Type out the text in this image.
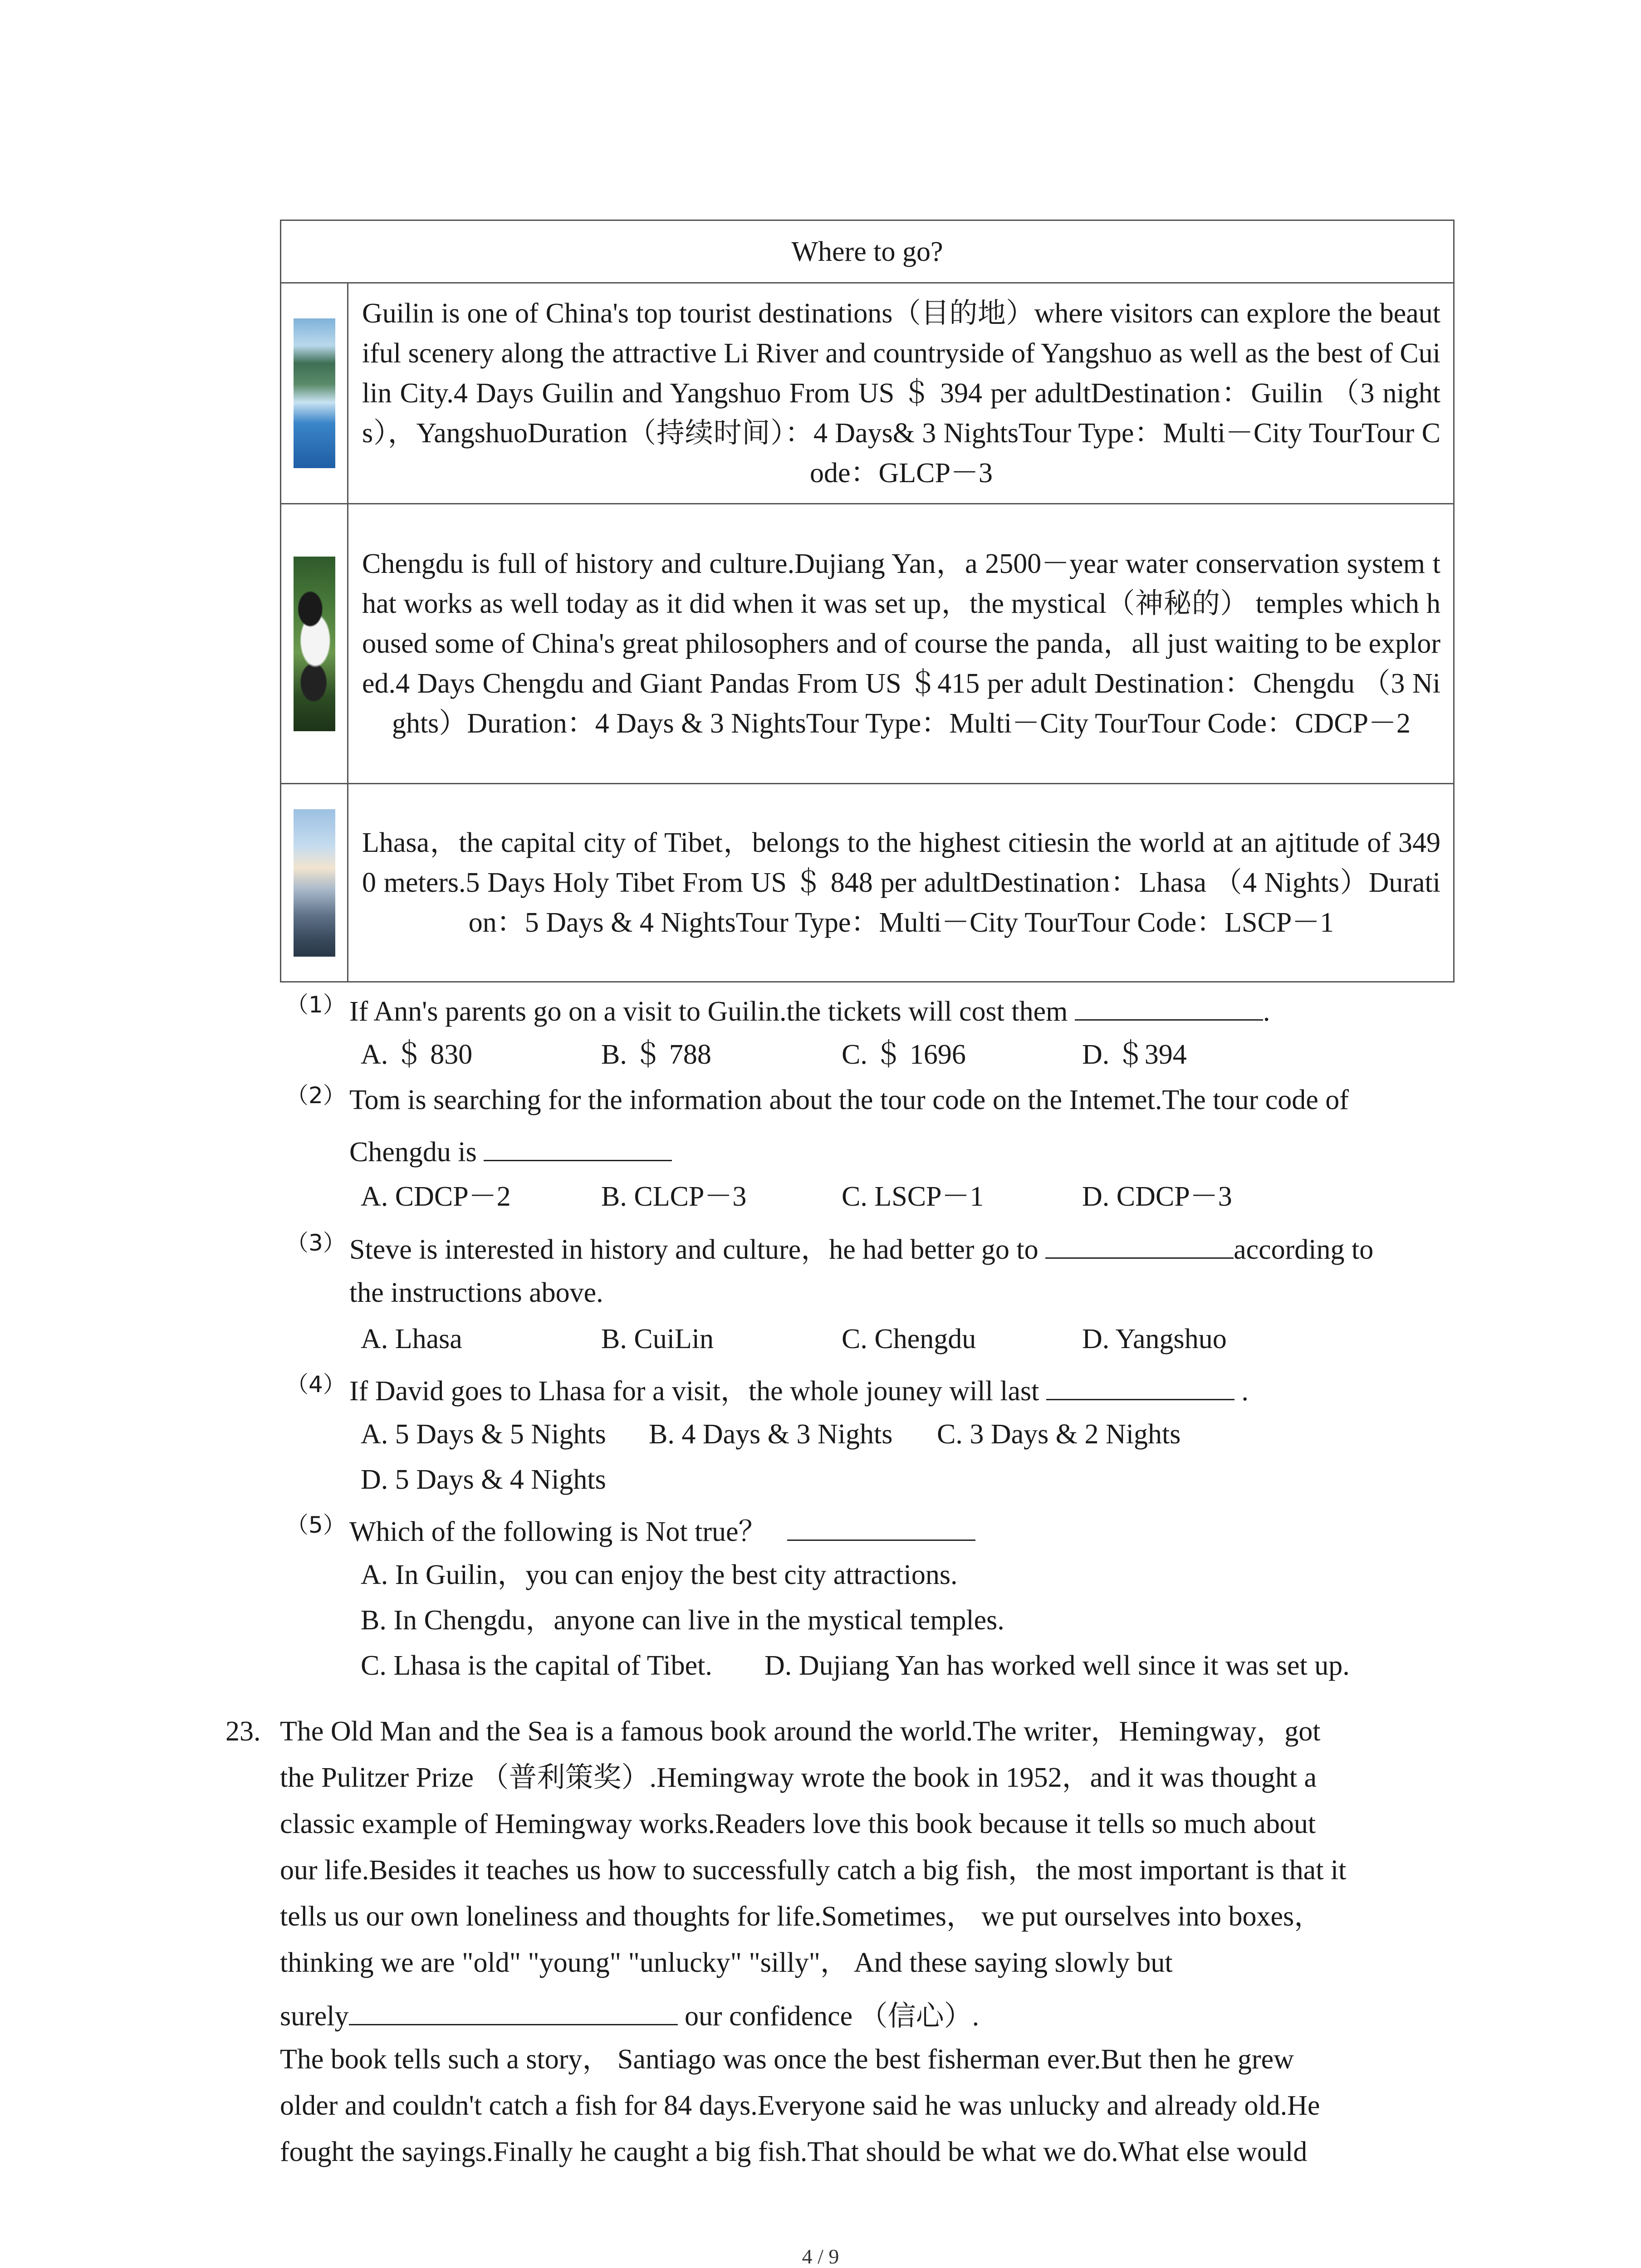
Where to go?	

	Guilin is one of China's top tourist destinations（目的地）where visitors can explore the beautiful scenery along the attractive Li River and countryside of Yangshuo as well as the best of Cuilin City.4 Days Guilin and Yangshuo From US ＄ 394 per adultDestination：Guilin （3 nights），YangshuoDuration（持续时间）：4 Days& 3 NightsTour Type：Multi－City TourTour Code：GLCP－3

	Chengdu is full of history and culture.Dujiang Yan，a 2500－year water conservation system that works as well today as it did when it was set up，the mystical（神秘的） temples which housed some of China's great philosophers and of course the panda，all just waiting to be explored.4 Days Chengdu and Giant Pandas From US ＄415 per adult Destination：Chengdu （3 Nights）Duration：4 Days & 3 NightsTour Type：Multi－City TourTour Code：CDCP－2

	Lhasa，the capital city of Tibet，belongs to the highest citiesin the world at an ajtitude of 3490 meters.5 Days Holy Tibet From US ＄ 848 per adultDestination：Lhasa （4 Nights）Duration：5 Days & 4 NightsTour Type：Multi－City TourTour Code：LSCP－1
（1） If Ann's parents go on a visit to Guilin.the tickets will cost them	.
A. ＄ 830	B. ＄ 788	C. ＄ 1696	D. ＄394
（2） Tom is searching for the information about the tour code on the Intemet.The tour code of
Chengdu is
A. CDCP－2	B. CLCP－3	C. LSCP－1	D. CDCP－3
（3） Steve is interested in history and culture，he had better go to	according to
the instructions above.
A. Lhasa	B. CuiLin	C. Chengdu	D. Yangshuo
（4） If David goes to Lhasa for a visit，the whole jouney will last	.
A. 5 Days & 5 Nights B. 4 Days & 3 Nights C. 3 Days & 2 Nights
D. 5 Days & 4 Nights
（5） Which of the following is Not true？
A. In Guilin，you can enjoy the best city attractions.
B. In Chengdu，anyone can live in the mystical temples.
C. Lhasa is the capital of Tibet. D. Dujiang Yan has worked well since it was set up.
23. The Old Man and the Sea is a famous book around the world.The writer，Hemingway，got
the Pulitzer Prize （普利策奖）.Hemingway wrote the book in 1952，and it was thought a
classic example of Hemingway works.Readers love this book because it tells so much about
our life.Besides it teaches us how to successfully catch a big fish，the most important is that it
tells us our own loneliness and thoughts for life.Sometimes， we put ourselves into boxes，
thinking we are "old" "young" "unlucky" "silly"， And these saying slowly but
surely	our confidence （信心）.
The book tells such a story， Santiago was once the best fisherman ever.But then he grew
older and couldn't catch a fish for 84 days.Everyone said he was unlucky and already old.He
fought the sayings.Finally he caught a big fish.That should be what we do.What else would
4 / 9
